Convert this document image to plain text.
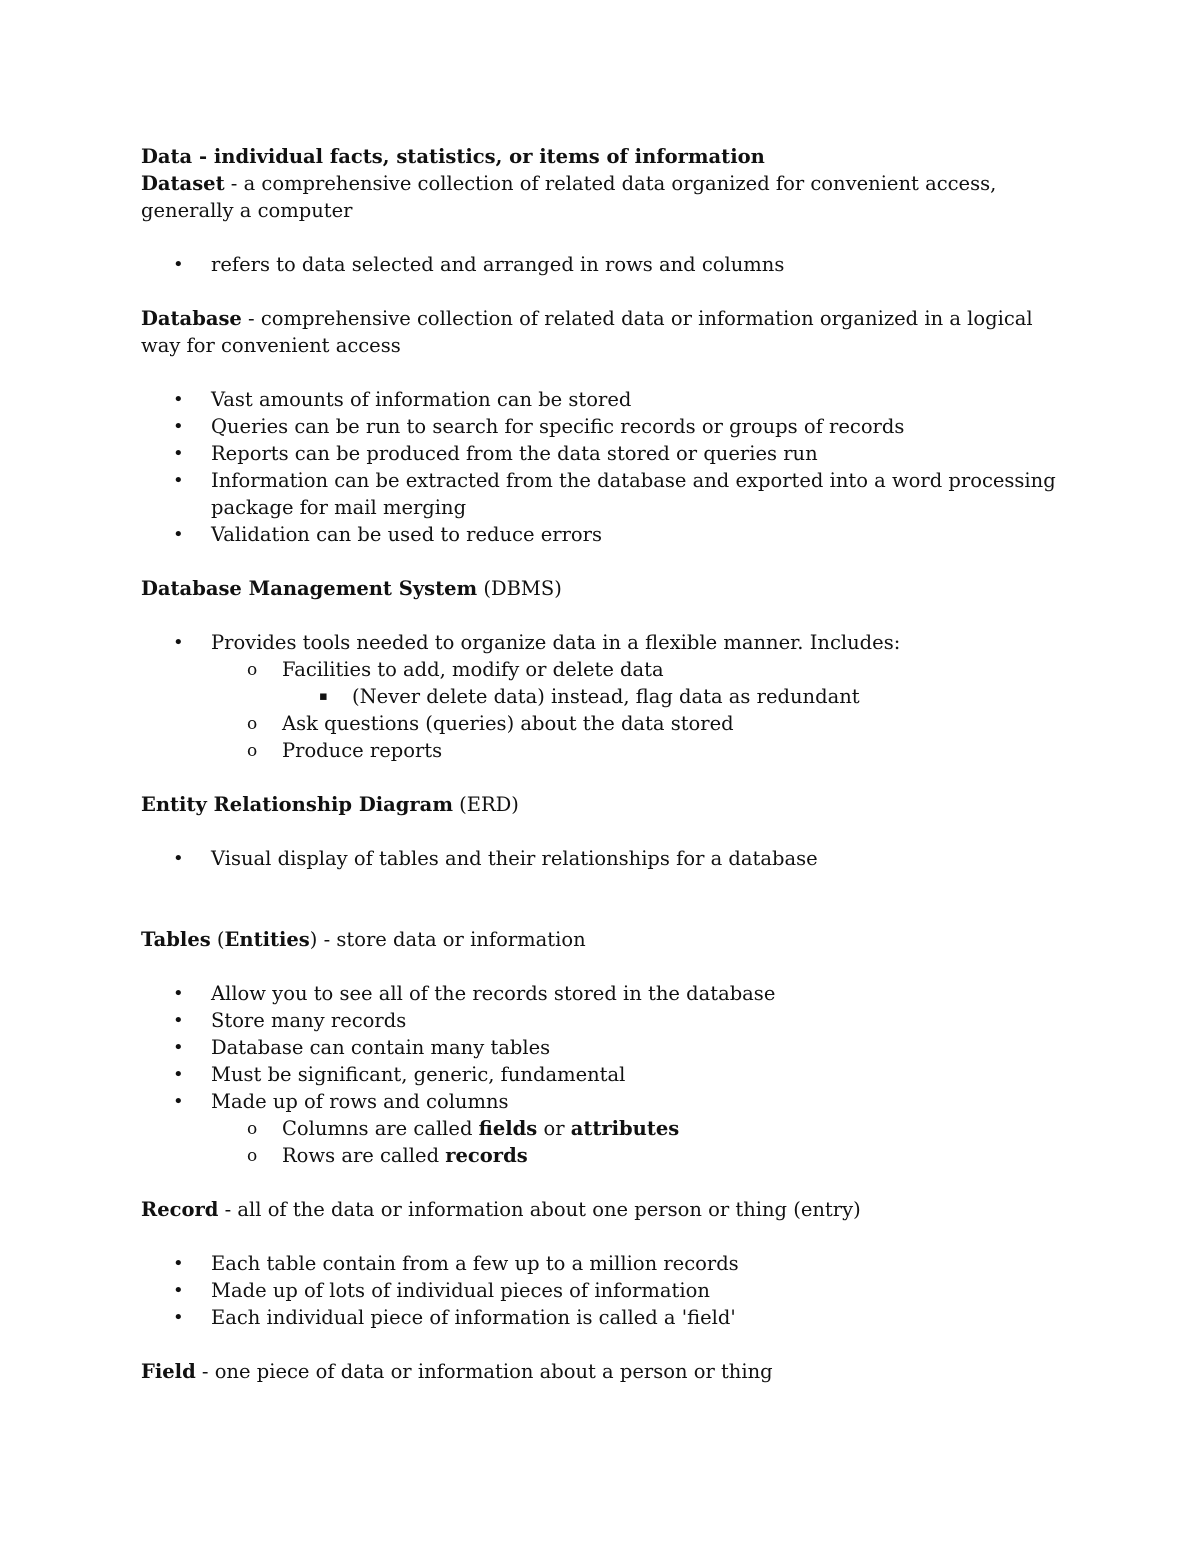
Data - individual facts, statistics, or items of information

Dataset - a comprehensive collection of related data organized for convenient access, generally a computer

• refers to data selected and arranged in rows and columns

Database - comprehensive collection of related data or information organized in a logical way for convenient access

• Vast amounts of information can be stored
• Queries can be run to search for specific records or groups of records
• Reports can be produced from the data stored or queries run
• Information can be extracted from the database and exported into a word processing package for mail merging
• Validation can be used to reduce errors

Database Management System (DBMS)

• Provides tools needed to organize data in a flexible manner. Includes:
o Facilities to add, modify or delete data
▪ (Never delete data) instead, flag data as redundant
o Ask questions (queries) about the data stored
o Produce reports

Entity Relationship Diagram (ERD)

• Visual display of tables and their relationships for a database

Tables (Entities) - store data or information

• Allow you to see all of the records stored in the database
• Store many records
• Database can contain many tables
• Must be significant, generic, fundamental
• Made up of rows and columns
o Columns are called fields or attributes
o Rows are called records

Record - all of the data or information about one person or thing (entry)

• Each table contain from a few up to a million records
• Made up of lots of individual pieces of information
• Each individual piece of information is called a 'field'

Field - one piece of data or information about a person or thing
